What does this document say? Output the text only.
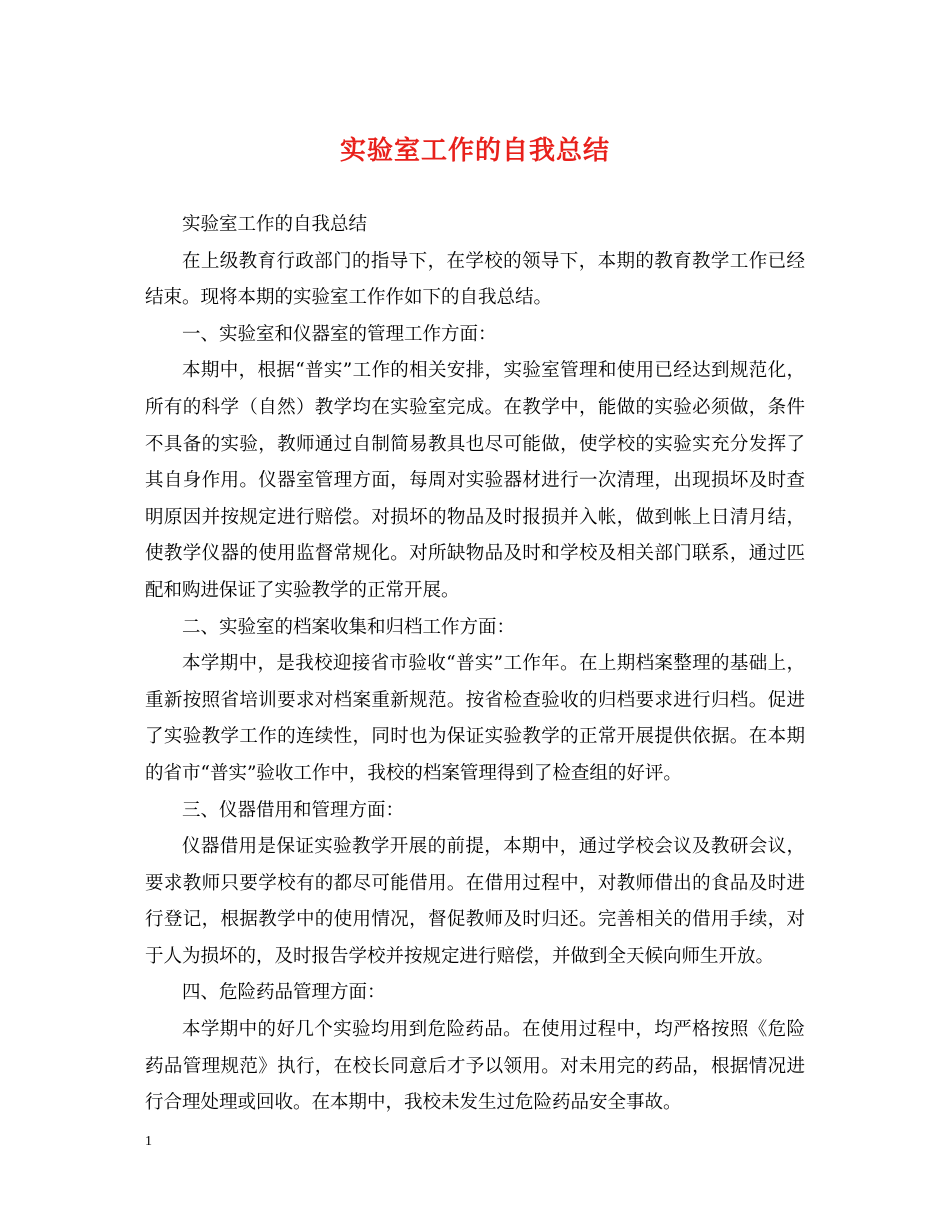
实验室工作的自我总结

实验室工作的自我总结

在上级教育行政部门的指导下，在学校的领导下，本期的教育教学工作已经结束。现将本期的实验室工作作如下的自我总结。

一、实验室和仪器室的管理工作方面：

本期中，根据“普实”工作的相关安排，实验室管理和使用已经达到规范化，所有的科学（自然）教学均在实验室完成。在教学中，能做的实验必须做，条件不具备的实验，教师通过自制简易教具也尽可能做，使学校的实验实充分发挥了其自身作用。仪器室管理方面，每周对实验器材进行一次清理，出现损坏及时查明原因并按规定进行赔偿。对损坏的物品及时报损并入帐，做到帐上日清月结，使教学仪器的使用监督常规化。对所缺物品及时和学校及相关部门联系，通过匹配和购进保证了实验教学的正常开展。

二、实验室的档案收集和归档工作方面：

本学期中，是我校迎接省市验收“普实”工作年。在上期档案整理的基础上，重新按照省培训要求对档案重新规范。按省检查验收的归档要求进行归档。促进了实验教学工作的连续性，同时也为保证实验教学的正常开展提供依据。在本期的省市“普实”验收工作中，我校的档案管理得到了检查组的好评。

三、仪器借用和管理方面：

仪器借用是保证实验教学开展的前提，本期中，通过学校会议及教研会议，要求教师只要学校有的都尽可能借用。在借用过程中，对教师借出的食品及时进行登记，根据教学中的使用情况，督促教师及时归还。完善相关的借用手续，对于人为损坏的，及时报告学校并按规定进行赔偿，并做到全天候向师生开放。

四、危险药品管理方面：

本学期中的好几个实验均用到危险药品。在使用过程中，均严格按照《危险药品管理规范》执行，在校长同意后才予以领用。对未用完的药品，根据情况进行合理处理或回收。在本期中，我校未发生过危险药品安全事故。

1
